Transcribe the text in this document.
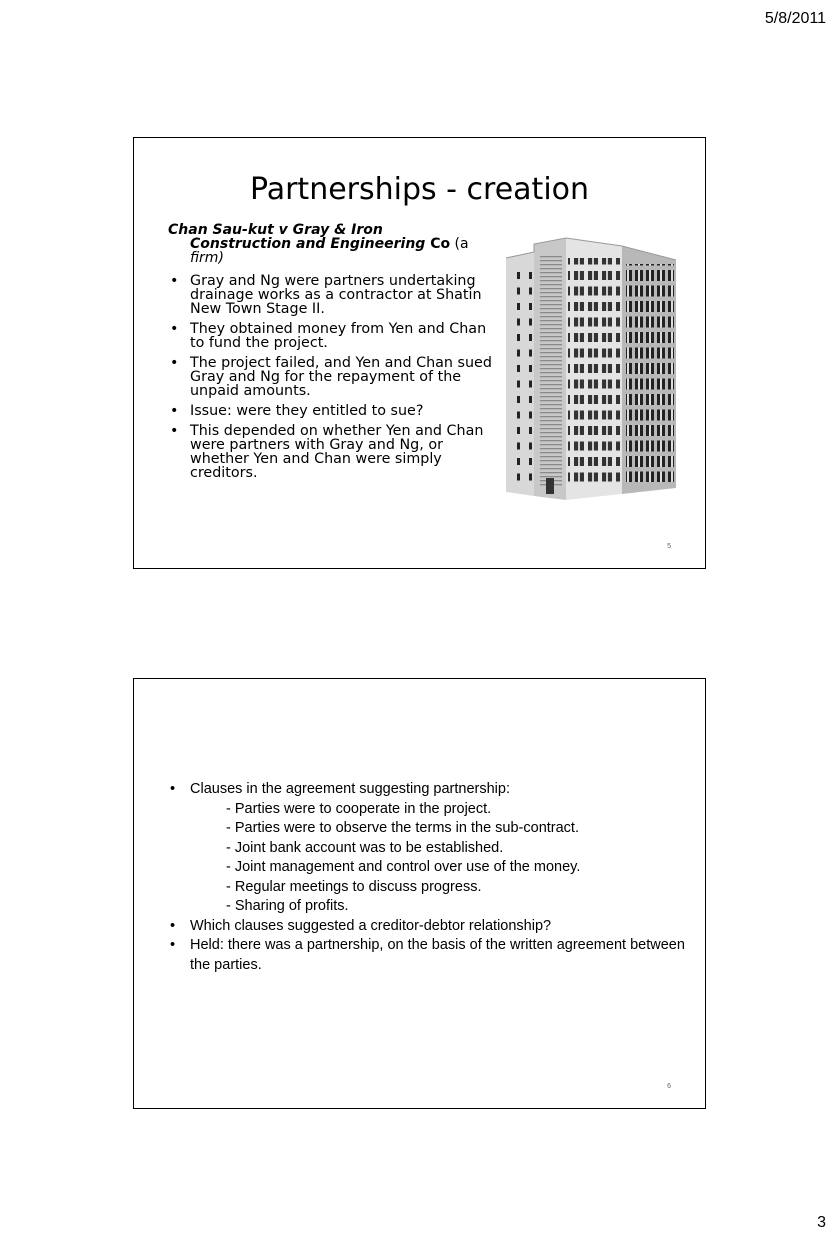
5/8/2011
Partnerships - creation
Chan Sau-kut v Gray & Iron
Construction and Engineering Co (a
firm)
• Gray and Ng were partners undertaking drainage works as a contractor at Shatin New Town Stage II.
• They obtained money from Yen and Chan to fund the project.
• The project failed, and Yen and Chan sued Gray and Ng for the repayment of the unpaid amounts.
• Issue: were they entitled to sue?
• This depended on whether Yen and Chan were partners with Gray and Ng, or whether Yen and Chan were simply creditors.
5
• Clauses in the agreement suggesting partnership:
- Parties were to cooperate in the project.
- Parties were to observe the terms in the sub-contract.
- Joint bank account was to be established.
- Joint management and control over use of the money.
- Regular meetings to discuss progress.
- Sharing of profits.
• Which clauses suggested a creditor-debtor relationship?
• Held: there was a partnership, on the basis of the written agreement between the parties.
6
3
